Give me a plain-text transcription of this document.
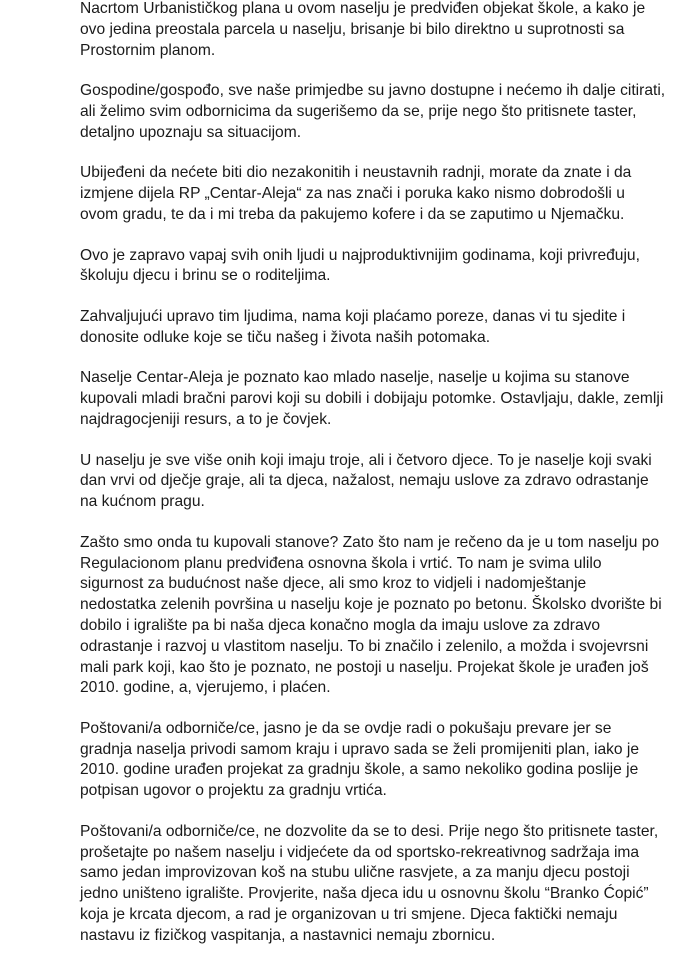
Nacrtom Urbanističkog plana u ovom naselju je predviđen objekat škole, a kako je
ovo jedina preostala parcela u naselju, brisanje bi bilo direktno u suprotnosti sa
Prostornim planom.

Gospodine/gospođo, sve naše primjedbe su javno dostupne i nećemo ih dalje citirati,
ali želimo svim odbornicima da sugerišemo da se, prije nego što pritisnete taster,
detaljno upoznaju sa situacijom.

Ubijeđeni da nećete biti dio nezakonitih i neustavnih radnji, morate da znate i da
izmjene dijela RP „Centar-Aleja“ za nas znači i poruka kako nismo dobrodošli u
ovom gradu, te da i mi treba da pakujemo kofere i da se zaputimo u Njemačku.

Ovo je zapravo vapaj svih onih ljudi u najproduktivnijim godinama, koji privređuju,
školuju djecu i brinu se o roditeljima.

Zahvaljujući upravo tim ljudima, nama koji plaćamo poreze, danas vi tu sjedite i
donosite odluke koje se tiču našeg i života naših potomaka.

Naselje Centar-Aleja je poznato kao mlado naselje, naselje u kojima su stanove
kupovali mladi bračni parovi koji su dobili i dobijaju potomke. Ostavljaju, dakle, zemlji
najdragocjeniji resurs, a to je čovjek.

U naselju je sve više onih koji imaju troje, ali i četvoro djece. To je naselje koji svaki
dan vrvi od dječje graje, ali ta djeca, nažalost, nemaju uslove za zdravo odrastanje
na kućnom pragu.

Zašto smo onda tu kupovali stanove? Zato što nam je rečeno da je u tom naselju po
Regulacionom planu predviđena osnovna škola i vrtić. To nam je svima ulilo
sigurnost za budućnost naše djece, ali smo kroz to vidjeli i nadomještanje
nedostatka zelenih površina u naselju koje je poznato po betonu. Školsko dvorište bi
dobilo i igralište pa bi naša djeca konačno mogla da imaju uslove za zdravo
odrastanje i razvoj u vlastitom naselju. To bi značilo i zelenilo, a možda i svojevrsni
mali park koji, kao što je poznato, ne postoji u naselju. Projekat škole je urađen još
2010. godine, a, vjerujemo, i plaćen.

Poštovani/a odborniče/ce, jasno je da se ovdje radi o pokušaju prevare jer se
gradnja naselja privodi samom kraju i upravo sada se želi promijeniti plan, iako je
2010. godine urađen projekat za gradnju škole, a samo nekoliko godina poslije je
potpisan ugovor o projektu za gradnju vrtića.

Poštovani/a odborniče/ce, ne dozvolite da se to desi. Prije nego što pritisnete taster,
prošetajte po našem naselju i vidjećete da od sportsko-rekreativnog sadržaja ima
samo jedan improvizovan koš na stubu ulične rasvjete, a za manju djecu postoji
jedno uništeno igralište. Provjerite, naša djeca idu u osnovnu školu “Branko Ćopić”
koja je krcata djecom, a rad je organizovan u tri smjene. Djeca faktički nemaju
nastavu iz fizičkog vaspitanja, a nastavnici nemaju zbornicu.
